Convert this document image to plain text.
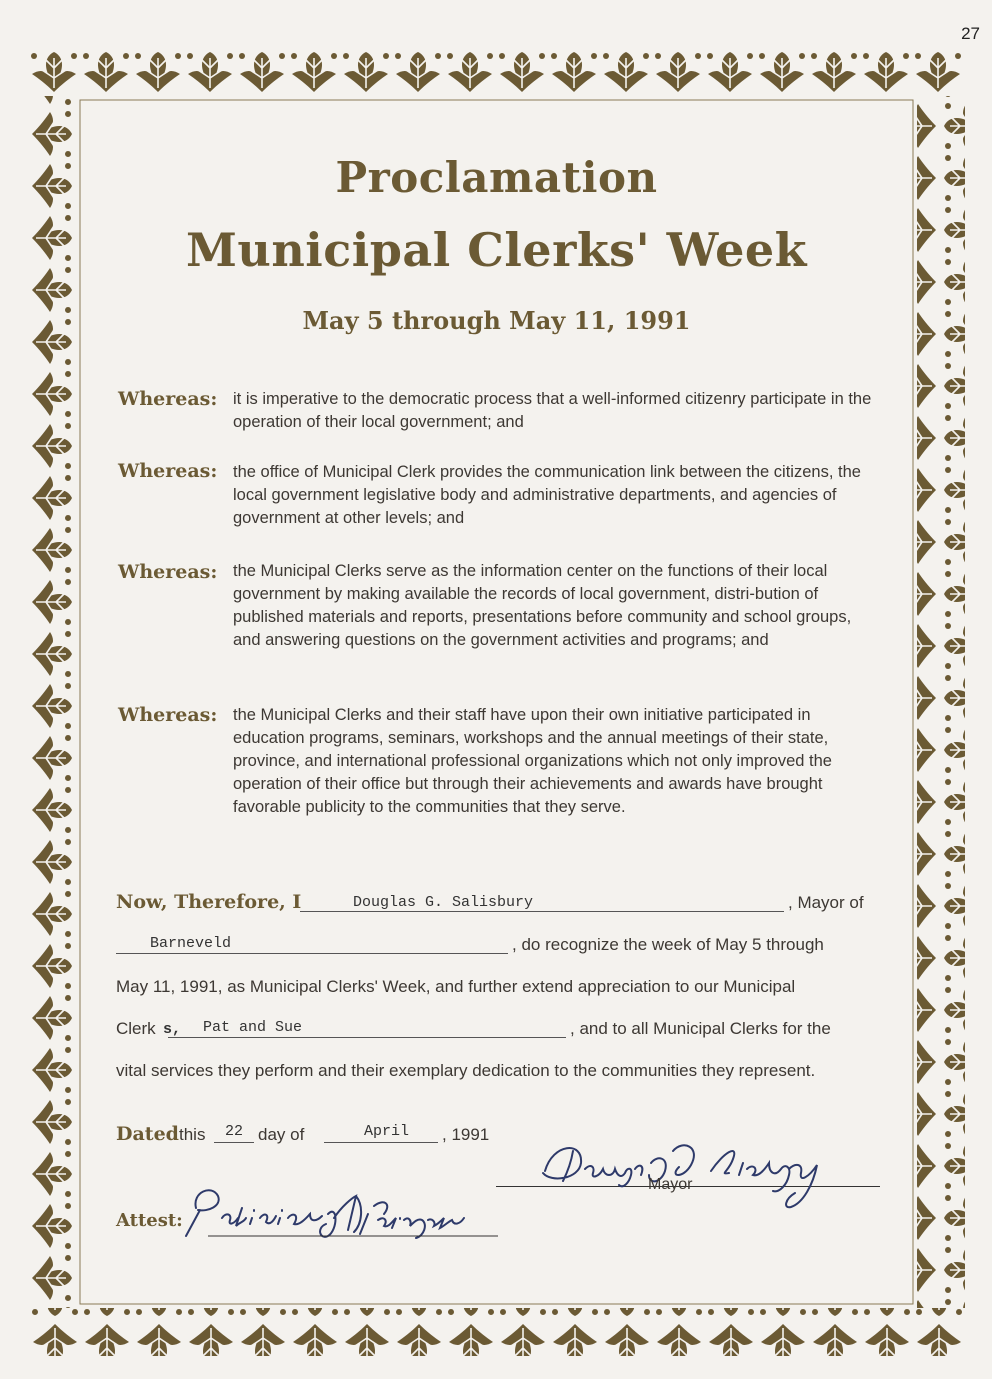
27
Proclamation
Municipal Clerks' Week
May 5 through May 11, 1991
Whereas: it is imperative to the democratic process that a well-informed citizenry participate in the operation of their local government; and
Whereas: the office of Municipal Clerk provides the communication link between the citizens, the local government legislative body and administrative departments, and agencies of government at other levels; and
Whereas: the Municipal Clerks serve as the information center on the functions of their local government by making available the records of local government, distri-bution of published materials and reports, presentations before community and school groups, and answering questions on the government activities and programs; and
Whereas: the Municipal Clerks and their staff have upon their own initiative participated in education programs, seminars, workshops and the annual meetings of their state, province, and international professional organizations which not only improved the operation of their office but through their achievements and awards have brought favorable publicity to the communities that they serve.
Now, Therefore, I	Douglas G. Salisbury	, Mayor of
Barneveld	, do recognize the week of May 5 through
May 11, 1991, as Municipal Clerks' Week, and further extend appreciation to our Municipal
Clerk s, Pat and Sue	, and to all Municipal Clerks for the
vital services they perform and their exemplary dedication to the communities they represent.
Dated this	22 day of	April , 1991
Mayor
Attest:
